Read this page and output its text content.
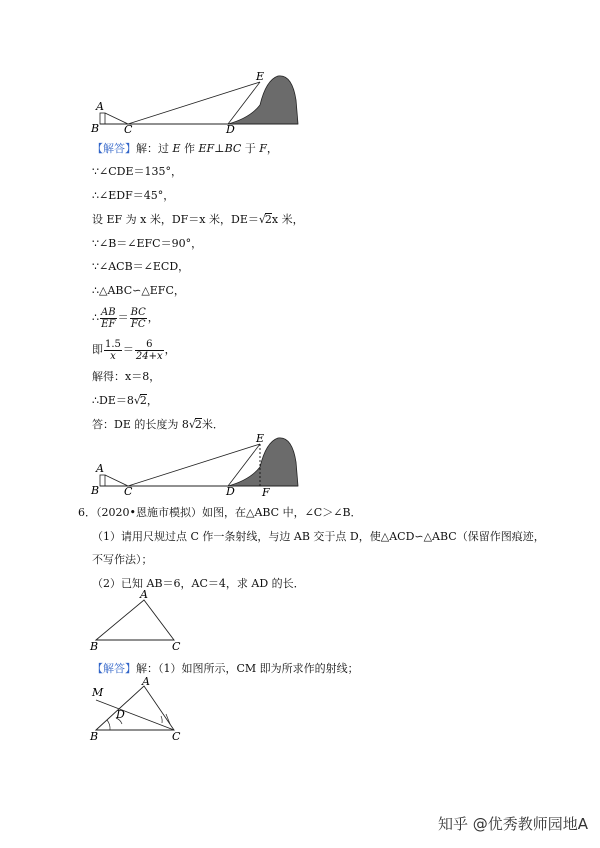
A
B C	D
E
【解答】解：过 E 作 EF⊥BC 于 F，
∵∠CDE＝135°，
∴∠EDF＝45°，
设 EF 为 x 米，DF＝x 米，DE＝√2x 米，
∵∠B＝∠EFC＝90°，
∵∠ACB＝∠ECD，
∴△ABC∽△EFC，
∴ $\frac{AB}{EF} = \frac{BC}{FC}$ ，
即 $\frac{1.5}{x} = \frac{6}{24+x}$ ，
解得：x＝8，
∴DE＝8√2，
答：DE 的长度为 8√2米．
A
B C	D
E
F
6．（2020•恩施市模拟）如图，在△ABC 中，∠C＞∠B．
（1）请用尺规过点 C 作一条射线，与边 AB 交于点 D，使△ACD∽△ABC（保留作图痕迹，
不写作法）；
（2）已知 AB＝6，AC＝4，求 AD 的长．
A
B	C
【解答】解：（1）如图所示，CM 即为所求作的射线；
M
A
D
B	C
知乎 @优秀教师园地A
